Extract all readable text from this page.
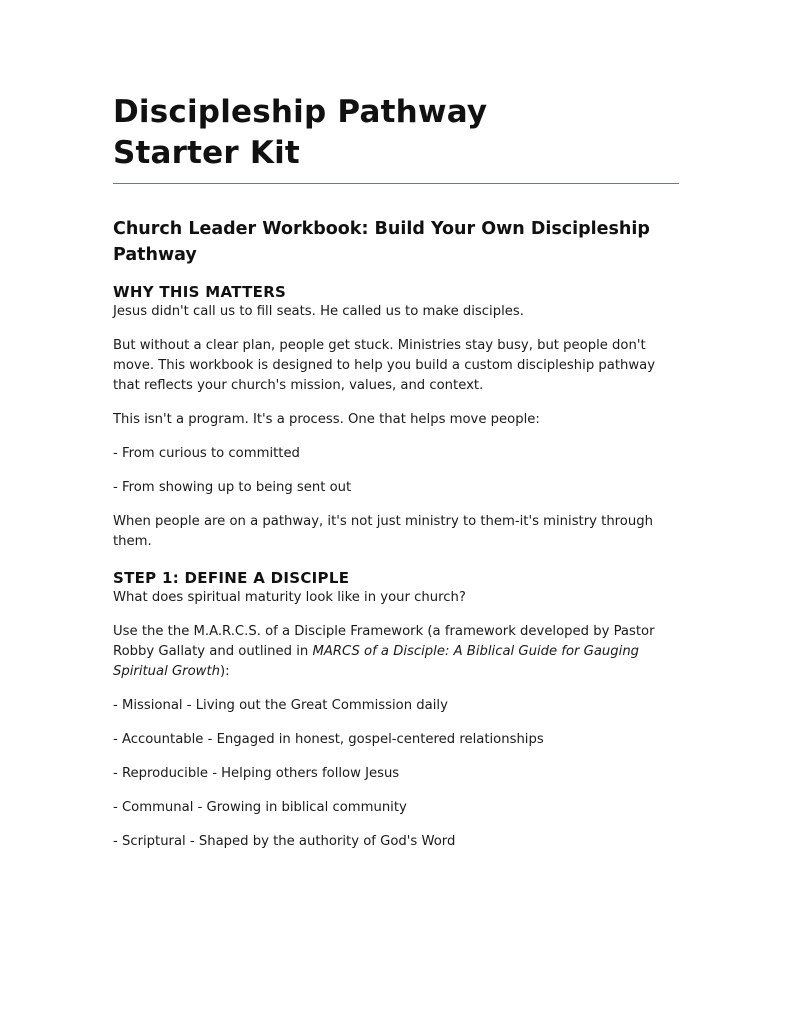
Discipleship Pathway
Starter Kit
Church Leader Workbook: Build Your Own Discipleship Pathway
WHY THIS MATTERS

Jesus didn't call us to fill seats. He called us to make disciples.

But without a clear plan, people get stuck. Ministries stay busy, but people don't move. This workbook is designed to help you build a custom discipleship pathway that reflects your church's mission, values, and context.

This isn't a program. It's a process. One that helps move people:

- From curious to committed

- From showing up to being sent out

When people are on a pathway, it's not just ministry to them-it's ministry through them.

STEP 1: DEFINE A DISCIPLE

What does spiritual maturity look like in your church?

Use the the M.A.R.C.S. of a Disciple Framework (a framework developed by Pastor Robby Gallaty and outlined in MARCS of a Disciple: A Biblical Guide for Gauging Spiritual Growth):

- Missional - Living out the Great Commission daily

- Accountable - Engaged in honest, gospel-centered relationships

- Reproducible - Helping others follow Jesus

- Communal - Growing in biblical community

- Scriptural - Shaped by the authority of God's Word
